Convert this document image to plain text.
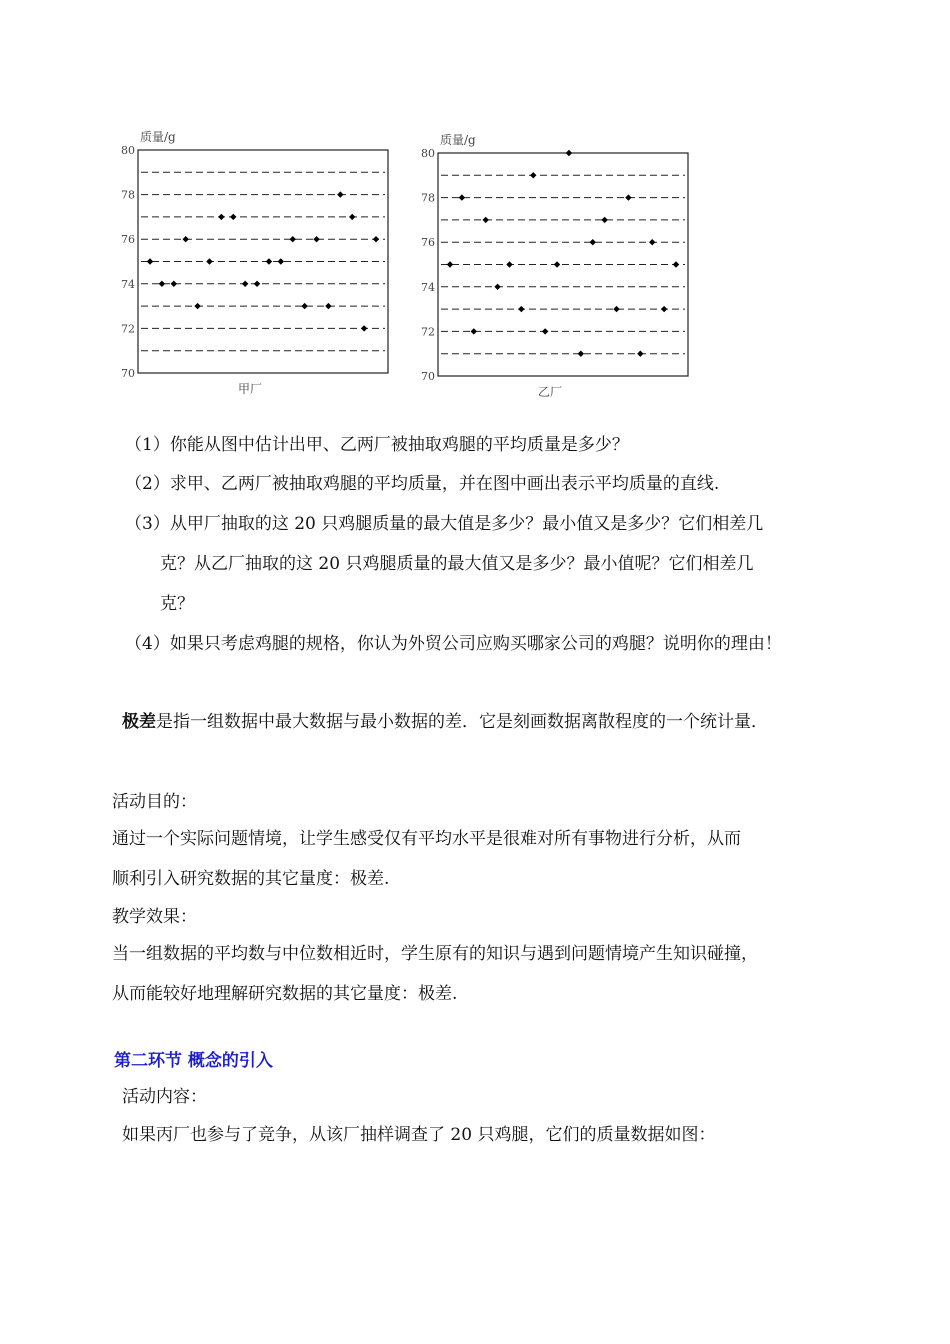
70
72
74
76
78
80
质量/g
甲厂
70
72
74
76
78
80
质量/g
乙厂
（1）你能从图中估计出甲、乙两厂被抽取鸡腿的平均质量是多少？
（2）求甲、乙两厂被抽取鸡腿的平均质量，并在图中画出表示平均质量的直线.
（3）从甲厂抽取的这 20 只鸡腿质量的最大值是多少？最小值又是多少？它们相差几
克？从乙厂抽取的这 20 只鸡腿质量的最大值又是多少？最小值呢？它们相差几
克？
（4）如果只考虑鸡腿的规格，你认为外贸公司应购买哪家公司的鸡腿？说明你的理由！
极差是指一组数据中最大数据与最小数据的差．它是刻画数据离散程度的一个统计量．
活动目的：
通过一个实际问题情境，让学生感受仅有平均水平是很难对所有事物进行分析，从而
顺利引入研究数据的其它量度：极差.
教学效果：
当一组数据的平均数与中位数相近时，学生原有的知识与遇到问题情境产生知识碰撞，
从而能较好地理解研究数据的其它量度：极差.
第二环节 概念的引入
活动内容：
如果丙厂也参与了竞争，从该厂抽样调查了 20 只鸡腿，它们的质量数据如图：
